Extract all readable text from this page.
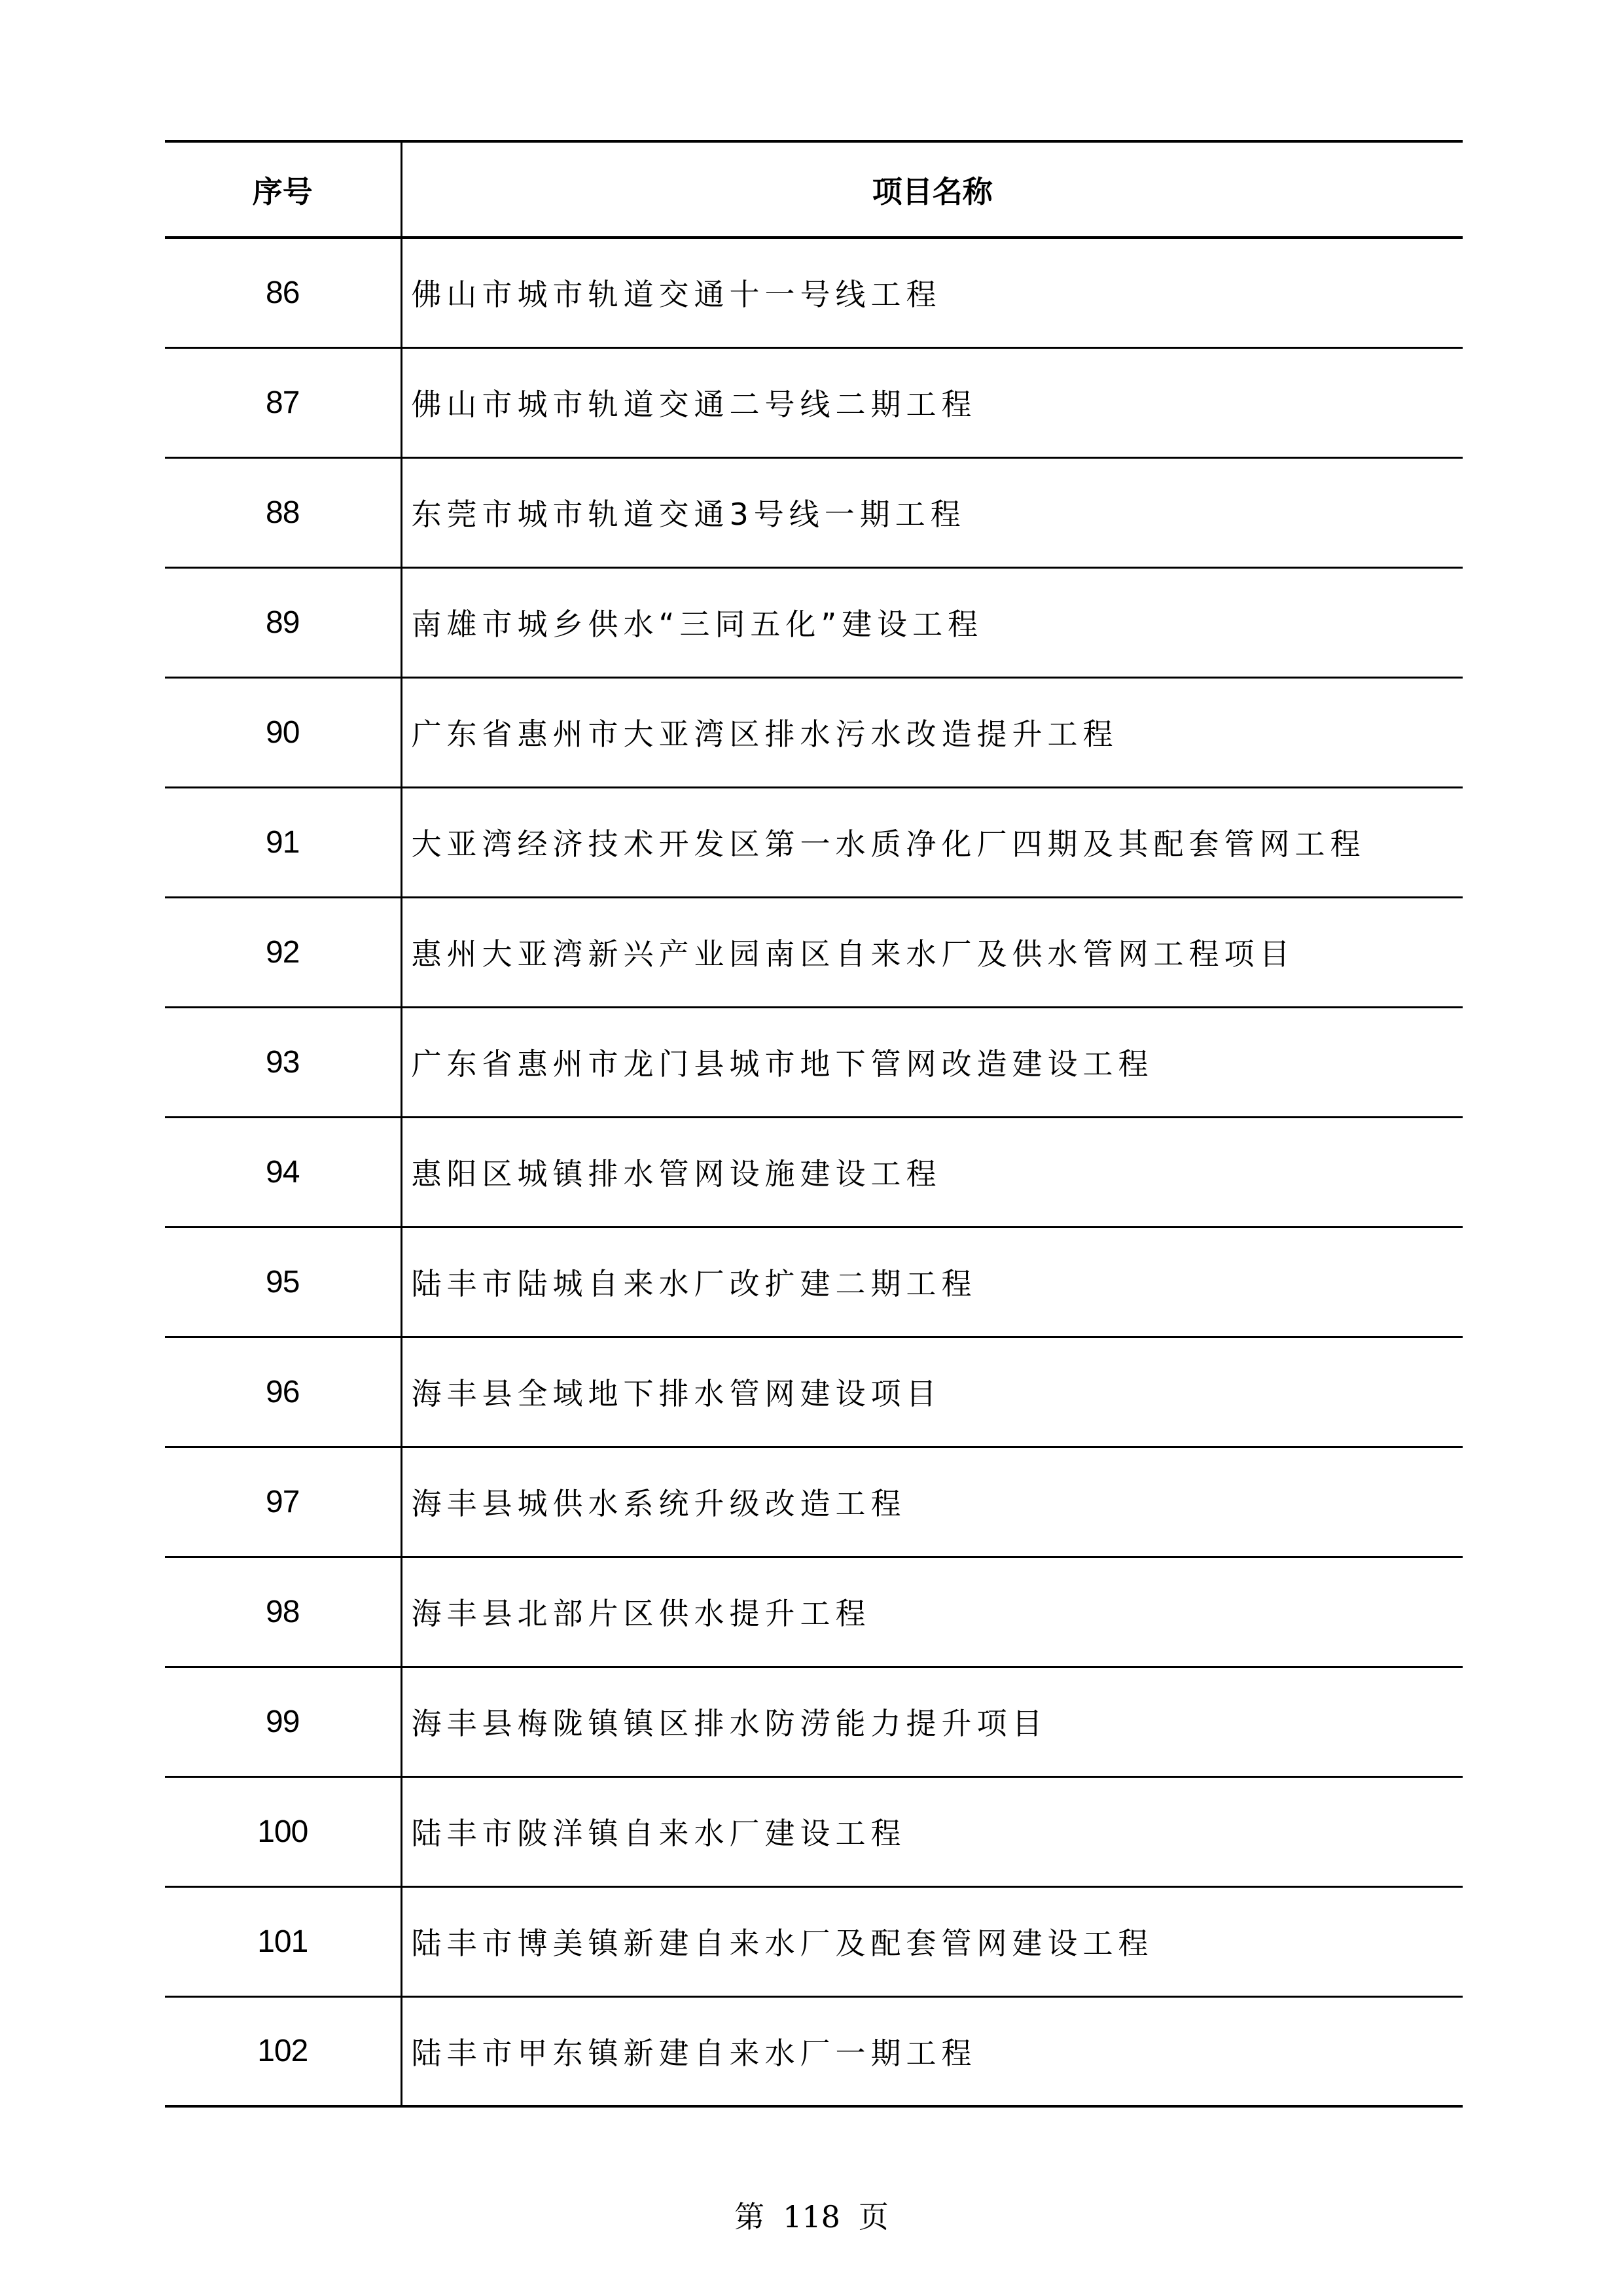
序号	项目名称
86	佛山市城市轨道交通十一号线工程
87	佛山市城市轨道交通二号线二期工程
88	东莞市城市轨道交通3号线一期工程
89	南雄市城乡供水“三同五化”建设工程
90	广东省惠州市大亚湾区排水污水改造提升工程
91	大亚湾经济技术开发区第一水质净化厂四期及其配套管网工程
92	惠州大亚湾新兴产业园南区自来水厂及供水管网工程项目
93	广东省惠州市龙门县城市地下管网改造建设工程
94	惠阳区城镇排水管网设施建设工程
95	陆丰市陆城自来水厂改扩建二期工程
96	海丰县全域地下排水管网建设项目
97	海丰县城供水系统升级改造工程
98	海丰县北部片区供水提升工程
99	海丰县梅陇镇镇区排水防涝能力提升项目
100	陆丰市陂洋镇自来水厂建设工程
101	陆丰市博美镇新建自来水厂及配套管网建设工程
102	陆丰市甲东镇新建自来水厂一期工程
第 118 页
